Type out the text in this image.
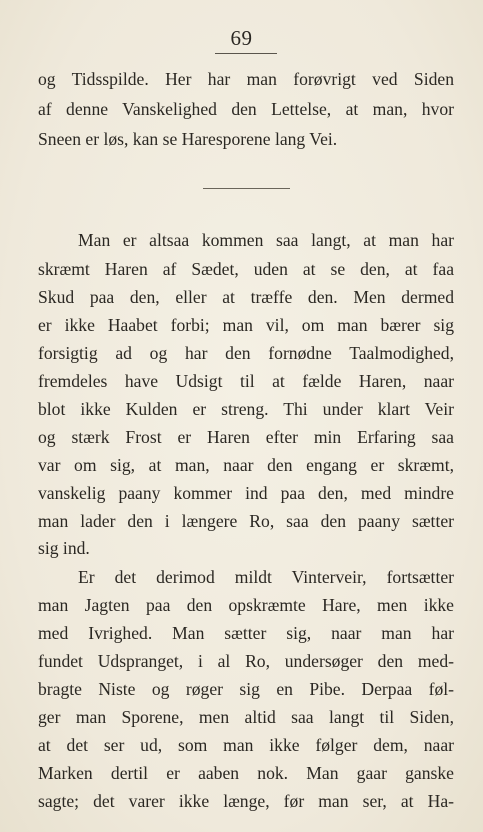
69
og Tidsspilde. Her har man forøvrigt ved Siden
af denne Vanskelighed den Lettelse, at man, hvor
Sneen er løs, kan se Haresporene lang Vei.
Man er altsaa kommen saa langt, at man har
skræmt Haren af Sædet, uden at se den, at faa
Skud paa den, eller at træffe den. Men dermed
er ikke Haabet forbi; man vil, om man bærer sig
forsigtig ad og har den fornødne Taalmodighed,
fremdeles have Udsigt til at fælde Haren, naar
blot ikke Kulden er streng. Thi under klart Veir
og stærk Frost er Haren efter min Erfaring saa
var om sig, at man, naar den engang er skræmt,
vanskelig paany kommer ind paa den, med mindre
man lader den i længere Ro, saa den paany sætter
sig ind.
Er det derimod mildt Vinterveir, fortsætter
man Jagten paa den opskræmte Hare, men ikke
med Ivrighed. Man sætter sig, naar man har
fundet Udspranget, i al Ro, undersøger den med-
bragte Niste og røger sig en Pibe. Derpaa føl-
ger man Sporene, men altid saa langt til Siden,
at det ser ud, som man ikke følger dem, naar
Marken dertil er aaben nok. Man gaar ganske
sagte; det varer ikke længe, før man ser, at Ha-
